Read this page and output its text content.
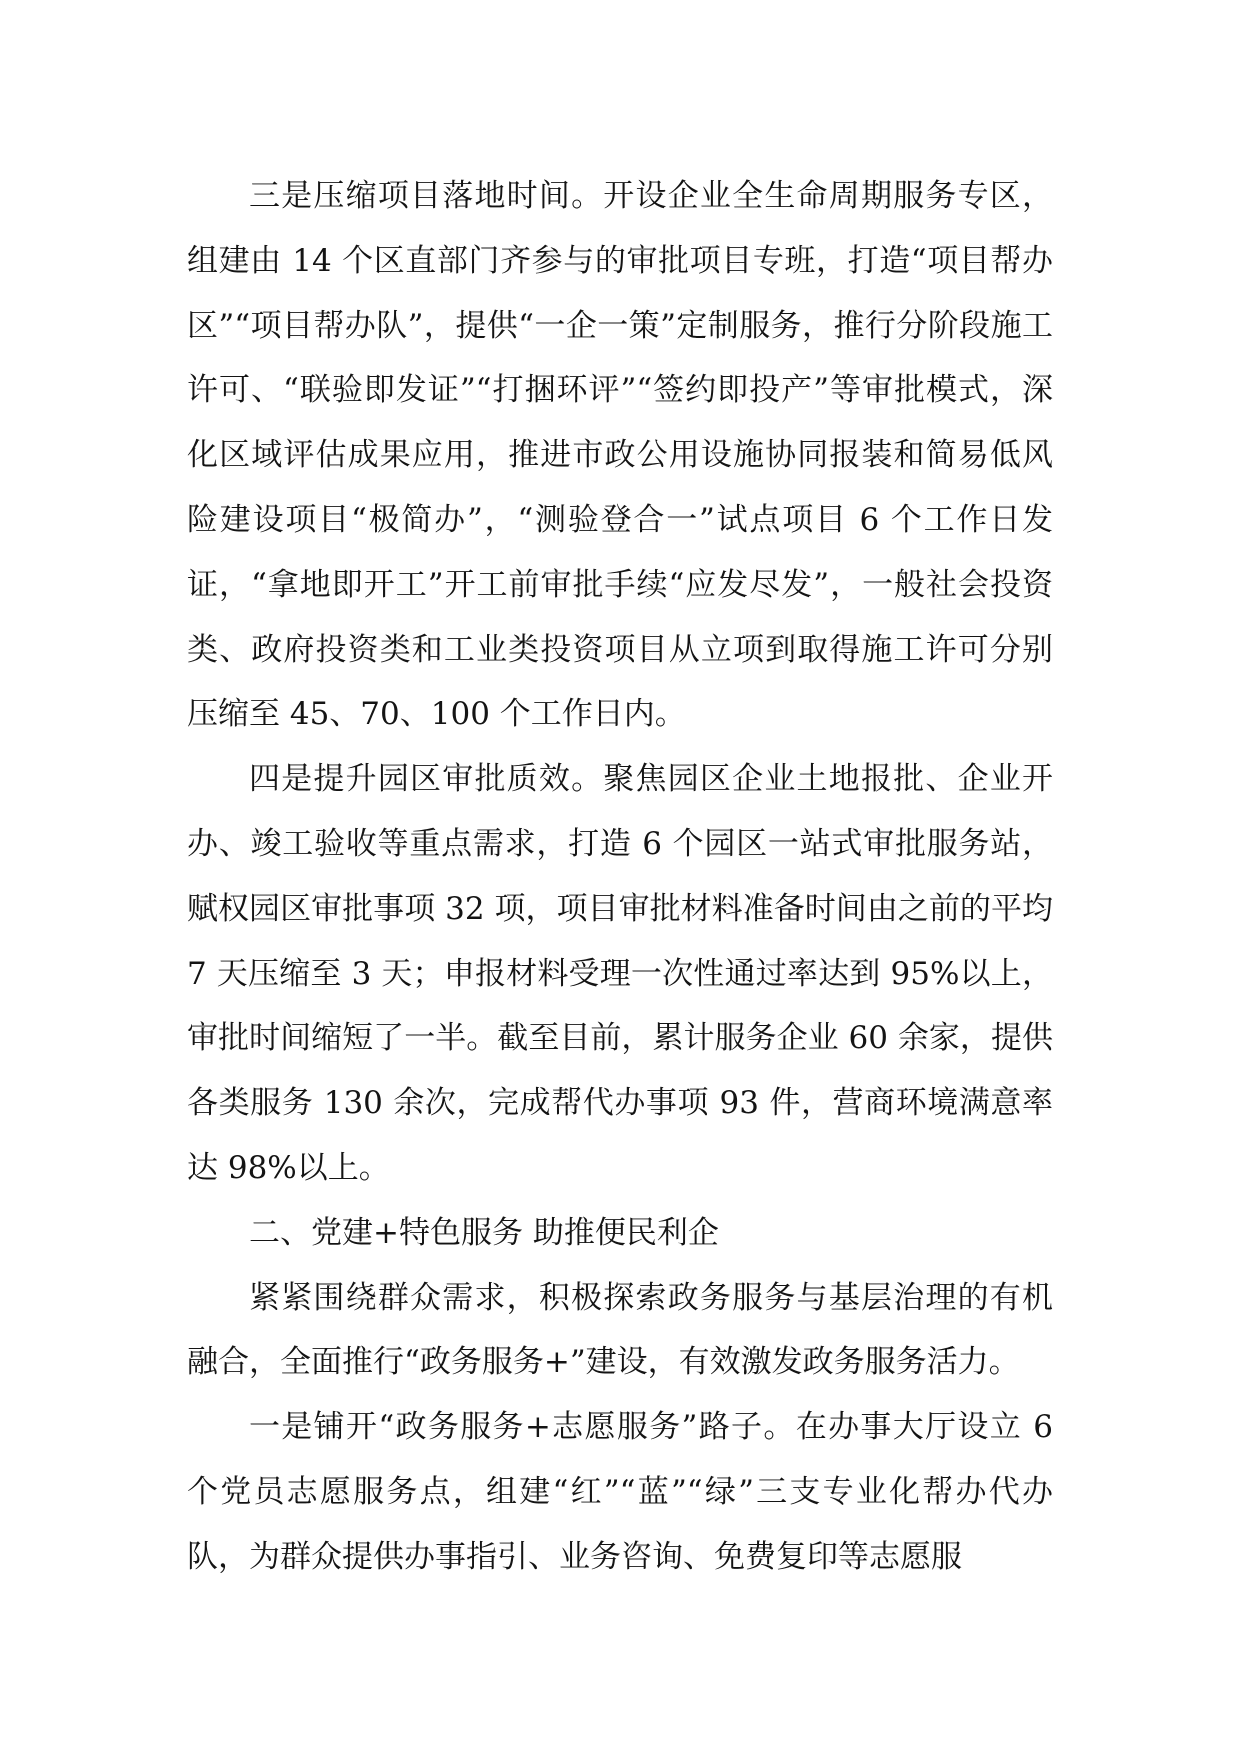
三是压缩项目落地时间。开设企业全生命周期服务专区，组建由 14 个区直部门齐参与的审批项目专班，打造“项目帮办区”“项目帮办队”，提供“一企一策”定制服务，推行分阶段施工许可、“联验即发证”“打捆环评”“签约即投产”等审批模式，深化区域评估成果应用，推进市政公用设施协同报装和简易低风险建设项目“极简办”，“测验登合一”试点项目 6 个工作日发证，“拿地即开工”开工前审批手续“应发尽发”，一般社会投资类、政府投资类和工业类投资项目从立项到取得施工许可分别压缩至 45、70、100 个工作日内。

四是提升园区审批质效。聚焦园区企业土地报批、企业开办、竣工验收等重点需求，打造 6 个园区一站式审批服务站，赋权园区审批事项 32 项，项目审批材料准备时间由之前的平均 7 天压缩至 3 天；申报材料受理一次性通过率达到 95%以上，审批时间缩短了一半。截至目前，累计服务企业 60 余家，提供各类服务 130 余次，完成帮代办事项 93 件，营商环境满意率达 98%以上。

二、党建+特色服务 助推便民利企

紧紧围绕群众需求，积极探索政务服务与基层治理的有机融合，全面推行“政务服务+”建设，有效激发政务服务活力。

一是铺开“政务服务+志愿服务”路子。在办事大厅设立 6 个党员志愿服务点，组建“红”“蓝”“绿”三支专业化帮办代办队，为群众提供办事指引、业务咨询、免费复印等志愿服
